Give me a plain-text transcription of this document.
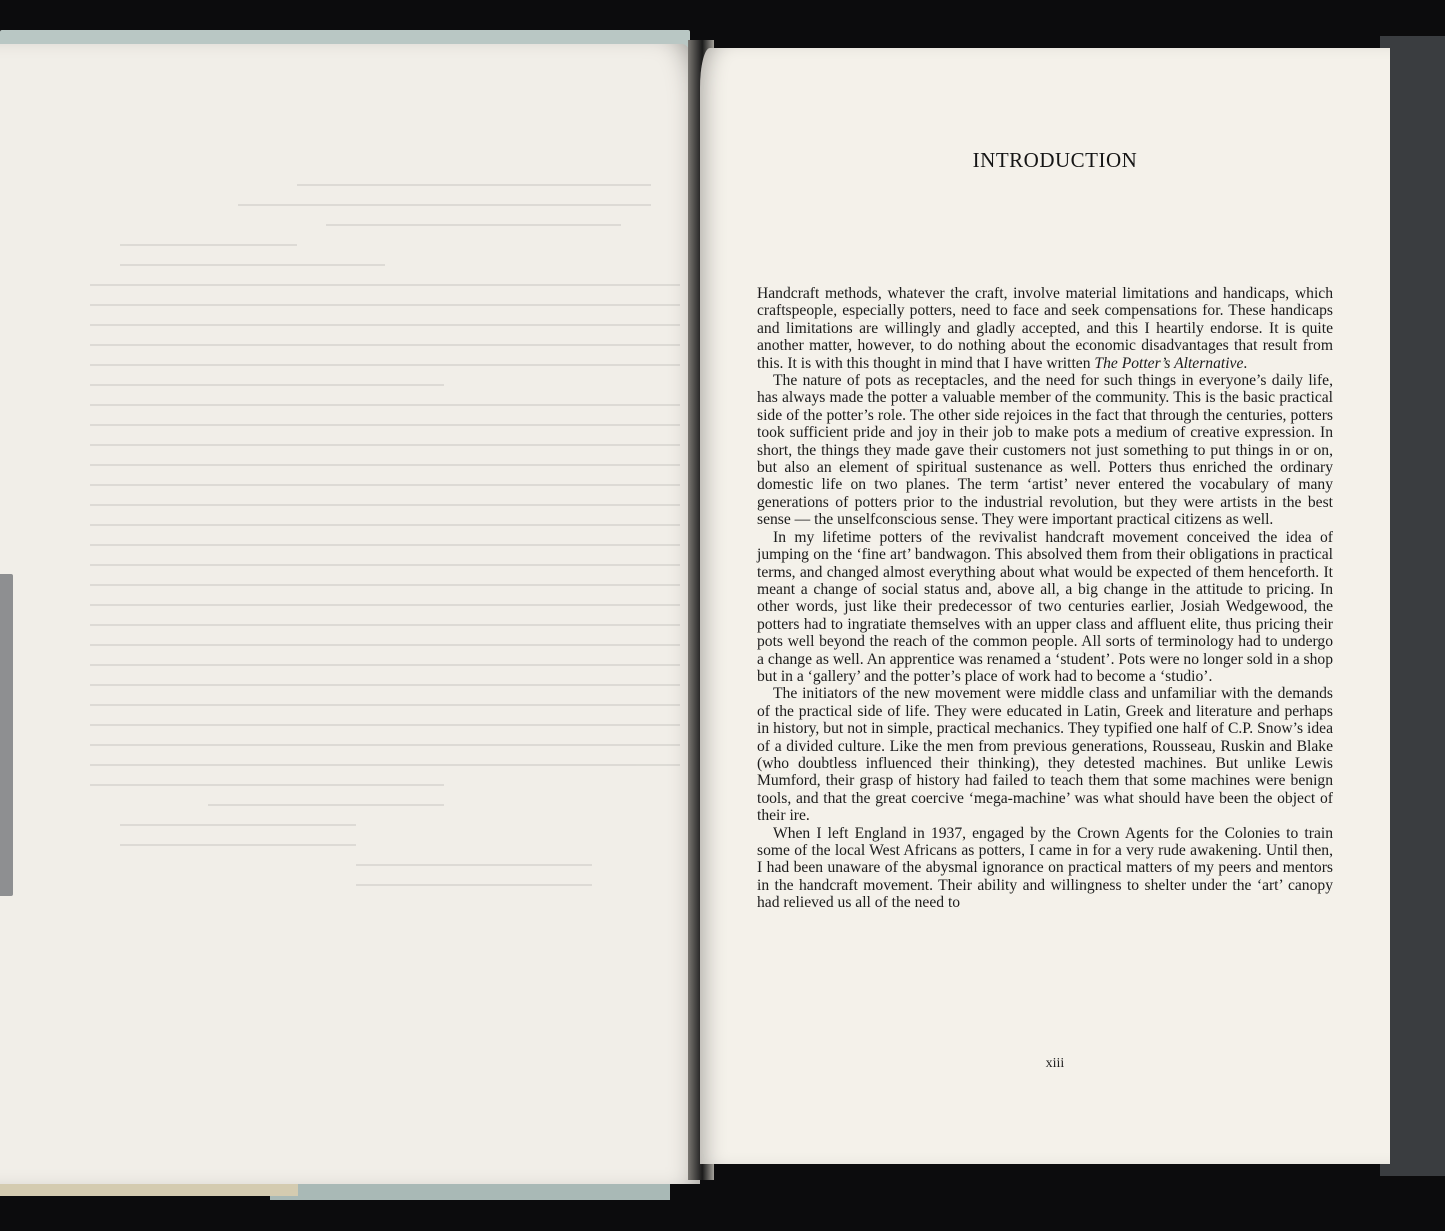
INTRODUCTION

Handcraft methods, whatever the craft, involve material limitations and handicaps, which craftspeople, especially potters, need to face and seek compensations for. These handicaps and limitations are willingly and gladly accepted, and this I heartily endorse. It is quite another matter, however, to do nothing about the economic disadvantages that result from this. It is with this thought in mind that I have written The Potter’s Alternative.

The nature of pots as receptacles, and the need for such things in everyone’s daily life, has always made the potter a valuable member of the community. This is the basic practical side of the potter’s role. The other side rejoices in the fact that through the centuries, potters took sufficient pride and joy in their job to make pots a medium of creative expression. In short, the things they made gave their customers not just something to put things in or on, but also an element of spiritual sustenance as well. Potters thus enriched the ordinary domestic life on two planes. The term ‘artist’ never entered the vocabulary of many generations of potters prior to the industrial revolution, but they were artists in the best sense — the unselfconscious sense. They were important practical citizens as well.

In my lifetime potters of the revivalist handcraft movement conceived the idea of jumping on the ‘fine art’ bandwagon. This absolved them from their obligations in practical terms, and changed almost everything about what would be expected of them henceforth. It meant a change of social status and, above all, a big change in the attitude to pricing. In other words, just like their predecessor of two centuries earlier, Josiah Wedgewood, the potters had to ingratiate themselves with an upper class and affluent elite, thus pricing their pots well beyond the reach of the common people. All sorts of terminology had to undergo a change as well. An apprentice was renamed a ‘student’. Pots were no longer sold in a shop but in a ‘gallery’ and the potter’s place of work had to become a ‘studio’.

The initiators of the new movement were middle class and unfamiliar with the demands of the practical side of life. They were educated in Latin, Greek and literature and perhaps in history, but not in simple, practical mechanics. They typified one half of C.P. Snow’s idea of a divided culture. Like the men from previous generations, Rousseau, Ruskin and Blake (who doubtless influenced their thinking), they detested machines. But unlike Lewis Mumford, their grasp of history had failed to teach them that some machines were benign tools, and that the great coercive ‘mega-machine’ was what should have been the object of their ire.

When I left England in 1937, engaged by the Crown Agents for the Colonies to train some of the local West Africans as potters, I came in for a very rude awakening. Until then, I had been unaware of the abysmal ignorance on practical matters of my peers and mentors in the handcraft movement. Their ability and willingness to shelter under the ‘art’ canopy had relieved us all of the need to

xiii
